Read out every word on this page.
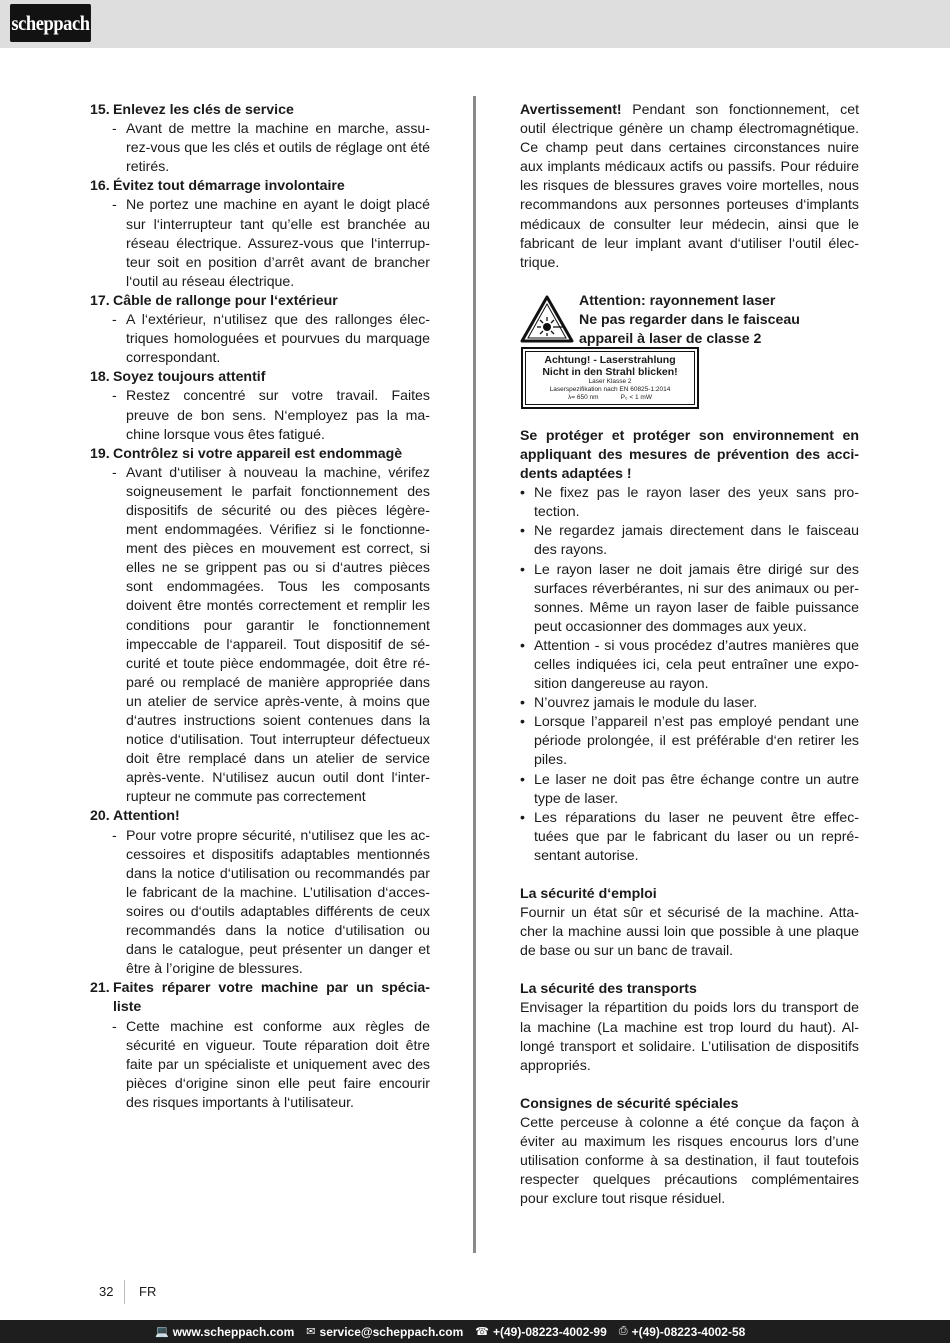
scheppach
15. Enlevez les clés de service
- Avant de mettre la machine en marche, assu-rez-vous que les clés et outils de réglage ont été retirés.
16. Évitez tout démarrage involontaire
- Ne portez une machine en ayant le doigt placé sur l‘interrupteur tant qu’elle est branchée au réseau électrique. Assurez-vous que l‘interrup-teur soit en position d’arrêt avant de brancher l‘outil au réseau électrique.
17. Câble de rallonge pour l‘extérieur
- A l‘extérieur, n‘utilisez que des rallonges élec-triques homologuées et pourvues du marquage correspondant.
18. Soyez toujours attentif
- Restez concentré sur votre travail. Faites preuve de bon sens. N‘employez pas la ma-chine lorsque vous êtes fatigué.
19. Contrôlez si votre appareil est endommagè
- Avant d‘utiliser à nouveau la machine, vérifez soigneusement le parfait fonctionnement des dispositifs de sécurité ou des pièces légère-ment endommagées. Vérifiez si le fonctionne-ment des pièces en mouvement est correct, si elles ne se grippent pas ou si d‘autres pièces sont endommagées. Tous les composants doivent être montés correctement et remplir les conditions pour garantir le fonctionnement impeccable de l‘appareil. Tout dispositif de sé-curité et toute pièce endommagée, doit être ré-paré ou remplacé de manière appropriée dans un atelier de service après-vente, à moins que d‘autres instructions soient contenues dans la notice d‘utilisation. Tout interrupteur défectueux doit être remplacé dans un atelier de service après-vente. N‘utilisez aucun outil dont l‘inter-rupteur ne commute pas correctement
20. Attention!
- Pour votre propre sécurité, n‘utilisez que les ac-cessoires et dispositifs adaptables mentionnés dans la notice d‘utilisation ou recommandés par le fabricant de la machine. L’utilisation d‘acces-soires ou d‘outils adaptables différents de ceux recommandés dans la notice d‘utilisation ou dans le catalogue, peut présenter un danger et être à l’origine de blessures.
21. Faites réparer votre machine par un spécia-liste
- Cette machine est conforme aux règles de sécurité en vigueur. Toute réparation doit être faite par un spécialiste et uniquement avec des pièces d‘origine sinon elle peut faire encourir des risques importants à l‘utilisateur.

Avertissement! Pendant son fonctionnement, cet outil électrique génère un champ électromagnétique. Ce champ peut dans certaines circonstances nuire aux implants médicaux actifs ou passifs. Pour réduire les risques de blessures graves voire mortelles, nous recommandons aux personnes porteuses d‘implants médicaux de consulter leur médecin, ainsi que le fabricant de leur implant avant d‘utiliser l‘outil élec-trique.

Attention: rayonnement laser
Ne pas regarder dans le faisceau
appareil à laser de classe 2
Achtung! - Laserstrahlung
Nicht in den Strahl blicken!
Laser Klasse 2
Laserspezifikation nach EN 60825-1:2014
λ= 650 nm	P₀ < 1 mW

Se protéger et protéger son environnement en appliquant des mesures de prévention des acci-dents adaptées !

• Ne fixez pas le rayon laser des yeux sans pro-tection.
• Ne regardez jamais directement dans le faisceau des rayons.
• Le rayon laser ne doit jamais être dirigé sur des surfaces réverbérantes, ni sur des animaux ou per-sonnes. Même un rayon laser de faible puissance peut occasionner des dommages aux yeux.
• Attention - si vous procédez d’autres manières que celles indiquées ici, cela peut entraîner une expo-sition dangereuse au rayon.
• N’ouvrez jamais le module du laser.
• Lorsque l’appareil n’est pas employé pendant une période prolongée, il est préférable d‘en retirer les piles.
• Le laser ne doit pas être échange contre un autre type de laser.
• Les réparations du laser ne peuvent être effec-tuées que par le fabricant du laser ou un repré-sentant autorise.

La sécurité d‘emploi

Fournir un état sûr et sécurisé de la machine. Atta-cher la machine aussi loin que possible à une plaque de base ou sur un banc de travail.

La sécurité des transports

Envisager la répartition du poids lors du transport de la machine (La machine est trop lourd du haut). Al-longé transport et solidaire. L’utilisation de dispositifs appropriés.

Consignes de sécurité spéciales

Cette perceuse à colonne a été conçue da façon à éviter au maximum les risques encourus lors d’une utilisation conforme à sa destination, il faut toutefois respecter quelques précautions complémentaires pour exclure tout risque résiduel.

32 FR
💻 www.scheppach.com ✉ service@scheppach.com ☎ +(49)-08223-4002-99 ⎙ +(49)-08223-4002-58
